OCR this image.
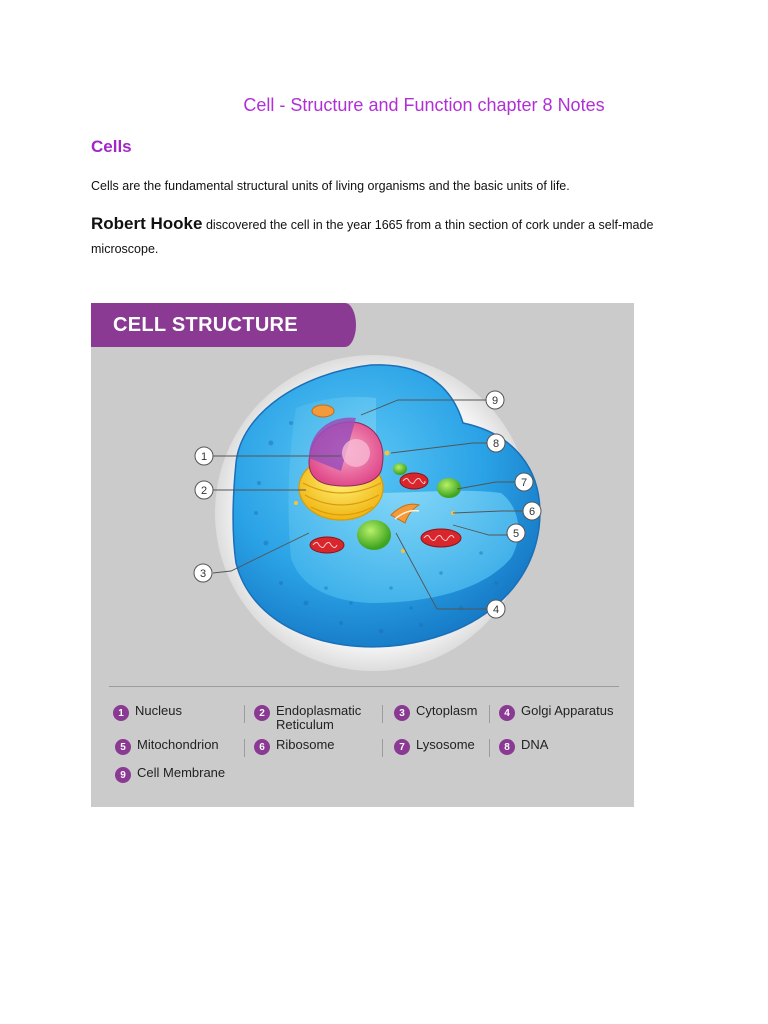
Cell - Structure and Function chapter 8 Notes
Cells

Cells are the fundamental structural units of living organisms and the basic units of life.

Robert Hooke discovered the cell in the year 1665 from a thin section of cork under a self-made microscope.

CELL STRUCTURE
1
2
3
4
5
6
7
8
9
1 Nucleus	2 Endoplasmatic Reticulum
3 Cytoplasm	4 Golgi Apparatus
5 Mitochondrion	6 Ribosome	7 Lysosome	8 DNA
9 Cell Membrane
